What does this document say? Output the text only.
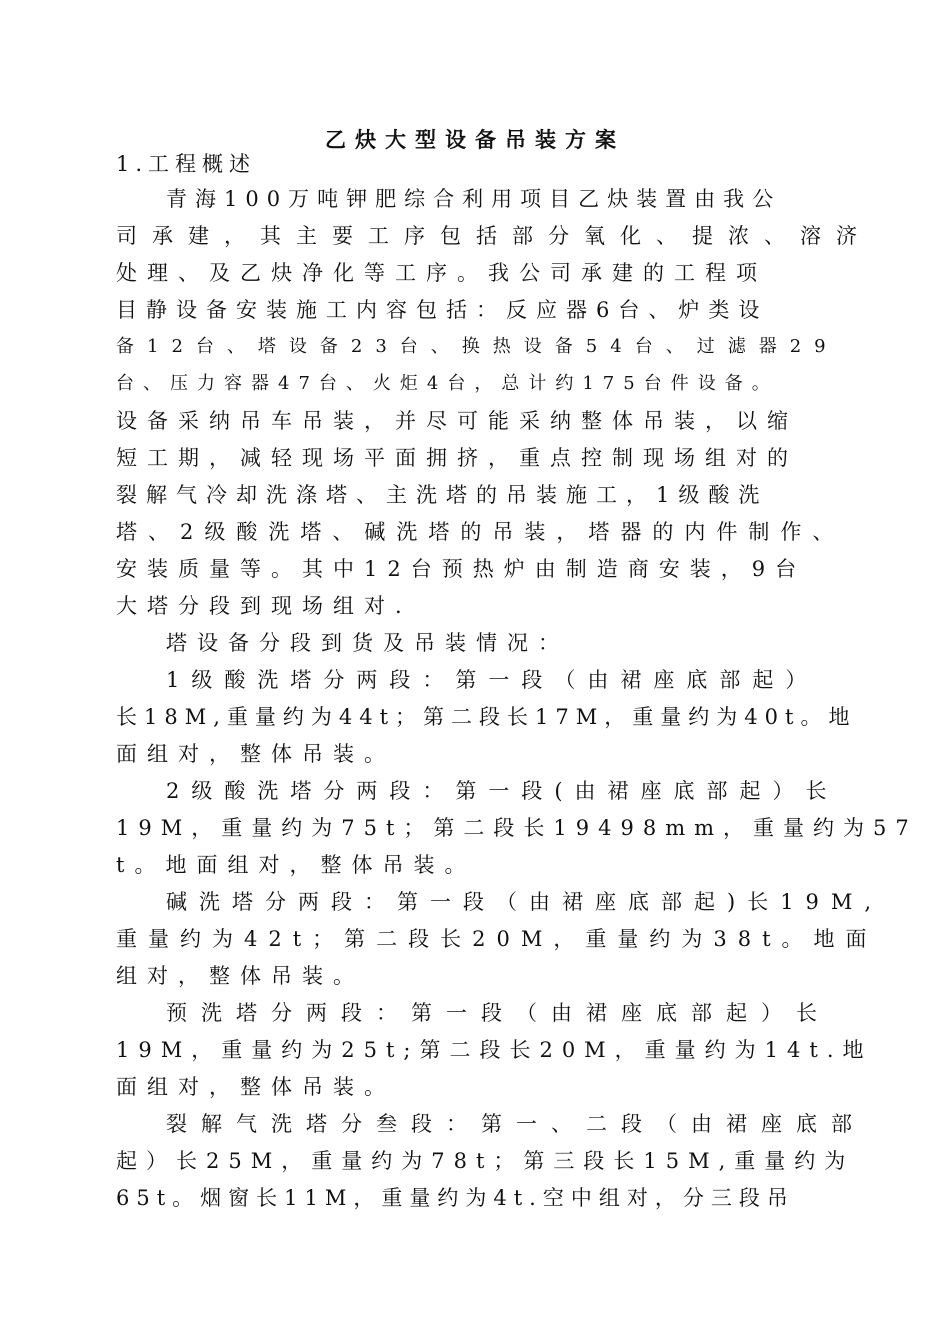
乙炔大型设备吊装方案
1.工程概述
青海100万吨钾肥综合利用项目乙炔装置由我公
司承建，其主要工序包括部分氧化、提浓、溶济
处理、及乙炔净化等工序。我公司承建的工程项
目静设备安装施工内容包括：反应器6台、炉类设
备12台、塔设备23台、换热设备54台、过滤器29
台、压力容器47台、火炬4台，总计约175台件设备。
设备采纳吊车吊装，并尽可能采纳整体吊装，以缩
短工期，减轻现场平面拥挤，重点控制现场组对的
裂解气冷却洗涤塔、主洗塔的吊装施工，1级酸洗
塔、2级酸洗塔、碱洗塔的吊装，塔器的内件制作、
安装质量等。其中12台预热炉由制造商安装，9台
大塔分段到现场组对.
塔设备分段到货及吊装情况：
1级酸洗塔分两段：第一段（由裙座底部起）
长18M,重量约为44t；第二段长17M，重量约为40t。地
面组对，整体吊装。
2级酸洗塔分两段：第一段(由裙座底部起）长
19M，重量约为75t；第二段长19498mm，重量约为57
t。地面组对，整体吊装。
碱洗塔分两段：第一段（由裙座底部起)长19M,
重量约为42t；第二段长20M，重量约为38t。地面
组对，整体吊装。
预洗塔分两段：第一段（由裙座底部起）长
19M，重量约为25t;第二段长20M，重量约为14t.地
面组对，整体吊装。
裂解气洗塔分叁段：第一、二段（由裙座底部
起）长25M，重量约为78t；第三段长15M,重量约为
65t。烟窗长11M，重量约为4t.空中组对，分三段吊
